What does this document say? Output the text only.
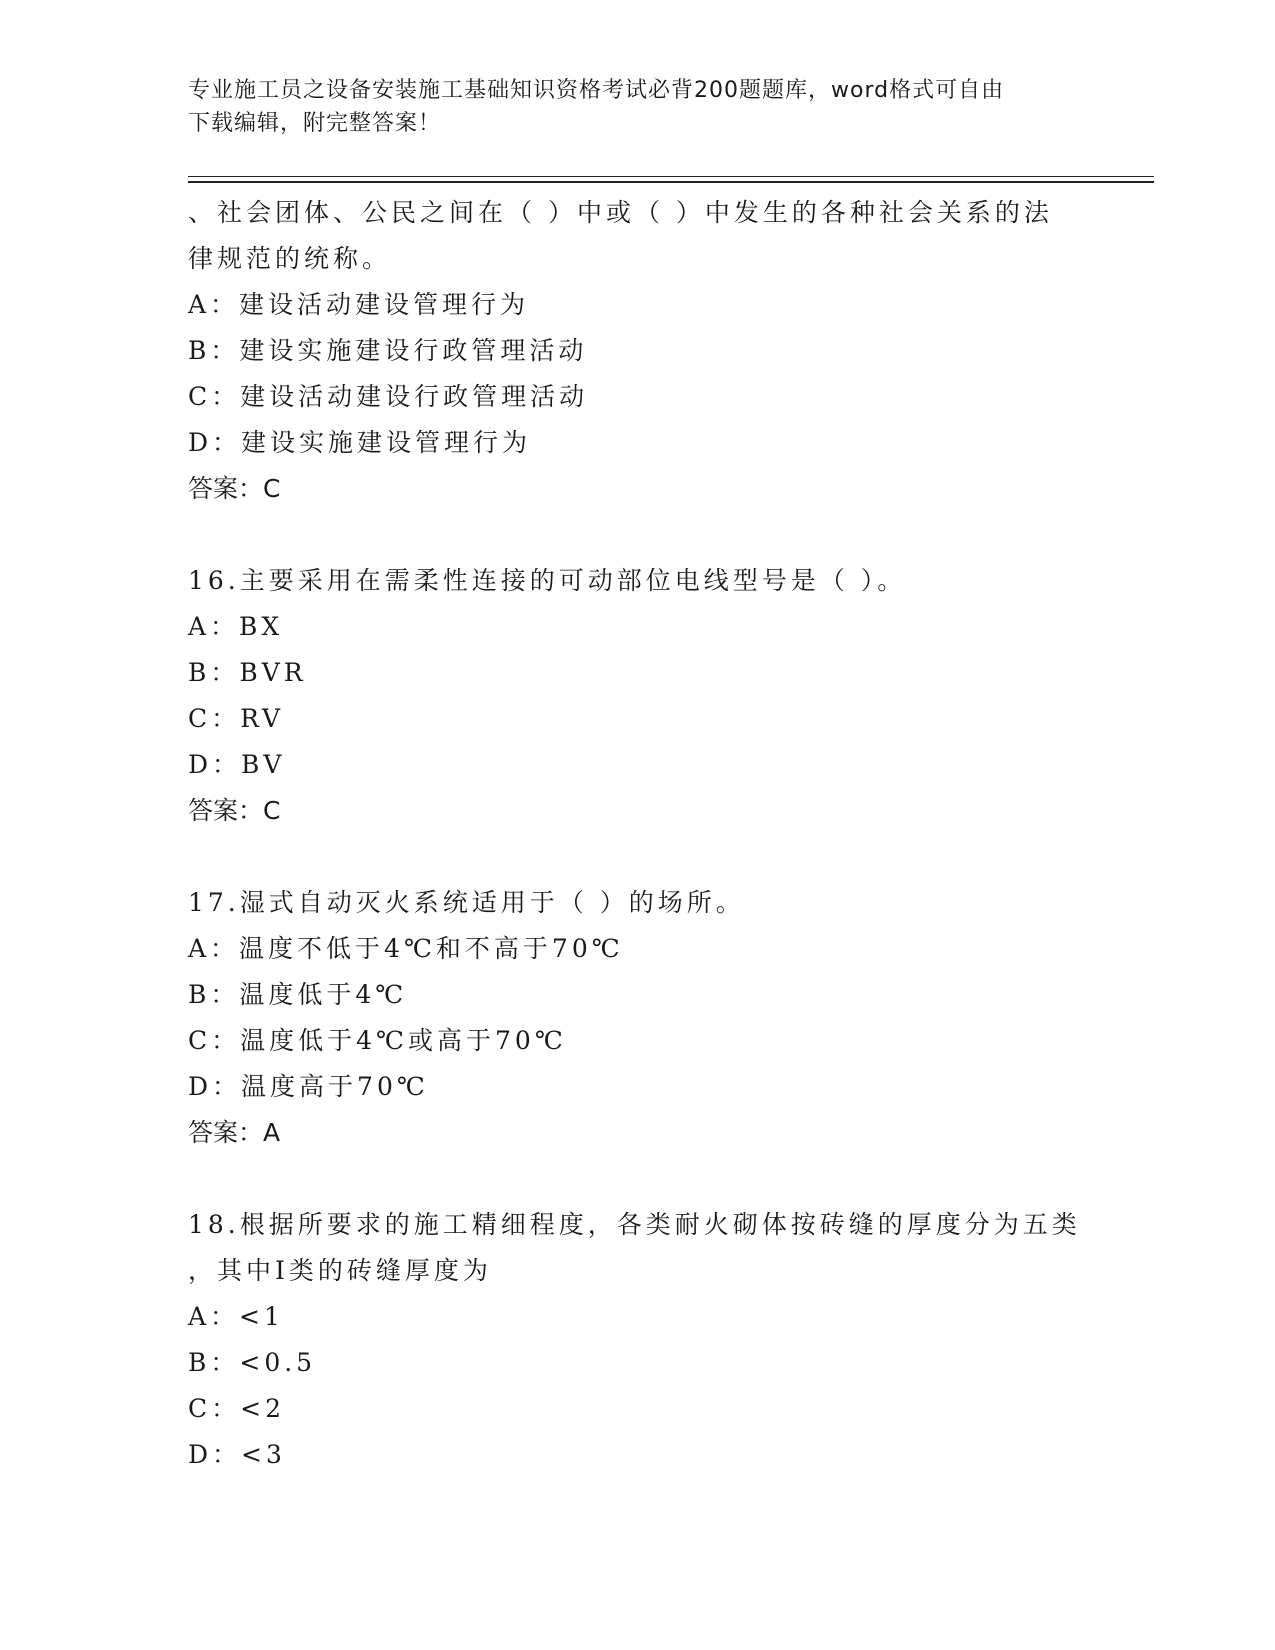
专业施工员之设备安装施工基础知识资格考试必背200题题库，word格式可自由
下载编辑，附完整答案！
、社会团体、公民之间在（ ）中或（ ）中发生的各种社会关系的法
律规范的统称。
A：建设活动建设管理行为
B：建设实施建设行政管理活动
C：建设活动建设行政管理活动
D：建设实施建设管理行为
答案：C
16.主要采用在需柔性连接的可动部位电线型号是（ ）。
A：BX
B：BVR
C：RV
D：BV
答案：C
17.湿式自动灭火系统适用于（ ）的场所。
A：温度不低于4℃和不高于70℃
B：温度低于4℃
C：温度低于4℃或高于70℃
D：温度高于70℃
答案：A
18.根据所要求的施工精细程度，各类耐火砌体按砖缝的厚度分为五类
，其中Ⅰ类的砖缝厚度为
A：<1
B：<0.5
C：<2
D：<3
